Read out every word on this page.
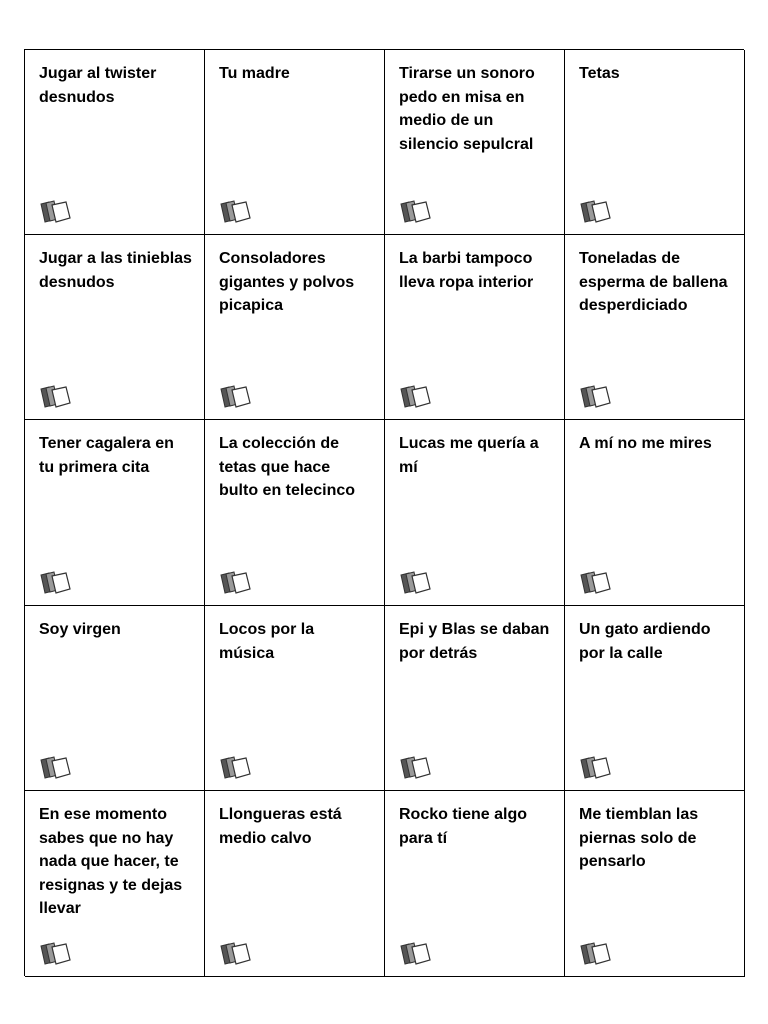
Jugar al twister desnudos

Tu madre	Tirarse un sonoro pedo en misa en medio de un silencio sepulcral

Tetas

Jugar a las tinieblas desnudos

Consoladores gigantes y polvos picapica

La barbi tampoco lleva ropa interior

Toneladas de esperma de ballena desperdiciado

Tener cagalera en tu primera cita

La colección de tetas que hace bulto en telecinco

Lucas me quería a mí

A mí no me mires

Soy virgen	Locos por la música

Epi y Blas se daban por detrás

Un gato ardiendo por la calle

En ese momento sabes que no hay nada que hacer, te resignas y te dejas llevar

Llongueras está medio calvo

Rocko tiene algo para tí

Me tiemblan las piernas solo de pensarlo
